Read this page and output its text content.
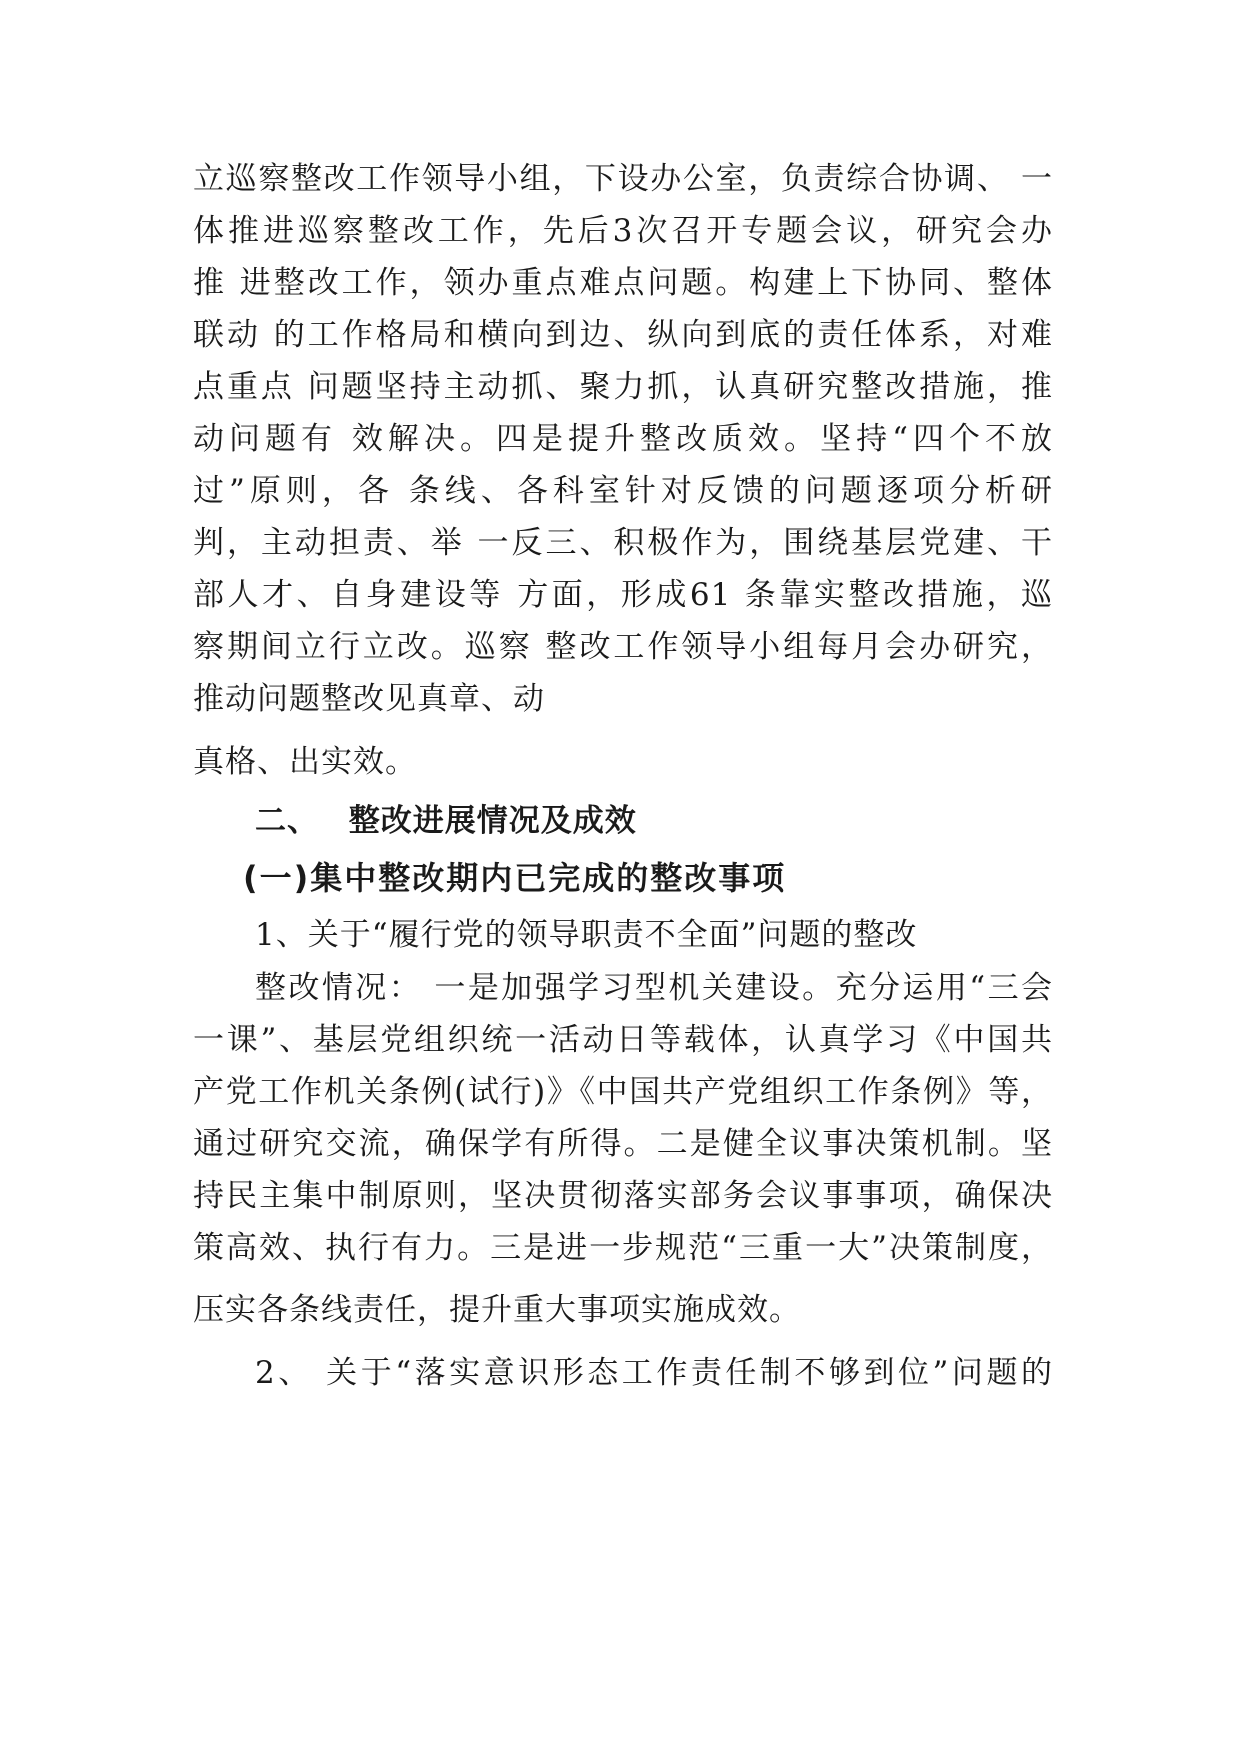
立巡察整改工作领导小组，下设办公室，负责综合协调、 一
体推进巡察整改工作，先后3次召开专题会议，研究会办
推 进整改工作，领办重点难点问题。构建上下协同、整体
联动 的工作格局和横向到边、纵向到底的责任体系，对难
点重点 问题坚持主动抓、聚力抓，认真研究整改措施，推
动问题有 效解决。四是提升整改质效。坚持“四个不放
过”原则，各 条线、各科室针对反馈的问题逐项分析研
判，主动担责、举 一反三、积极作为，围绕基层党建、干
部人才、自身建设等 方面，形成61 条靠实整改措施，巡
察期间立行立改。巡察 整改工作领导小组每月会办研究，
推动问题整改见真章、动
真格、出实效。
二、 整改进展情况及成效
(一)集中整改期内已完成的整改事项
1、关于“履行党的领导职责不全面”问题的整改
整改情况： 一是加强学习型机关建设。充分运用“三会
一课”、基层党组织统一活动日等载体，认真学习《中国共
产党工作机关条例(试行)》《中国共产党组织工作条例》等，
通过研究交流，确保学有所得。二是健全议事决策机制。坚
持民主集中制原则，坚决贯彻落实部务会议事事项，确保决
策高效、执行有力。三是进一步规范“三重一大”决策制度，
压实各条线责任，提升重大事项实施成效。
2、 关于“落实意识形态工作责任制不够到位”问题的
